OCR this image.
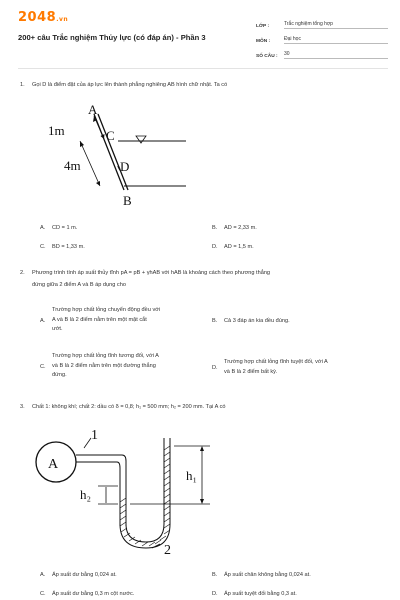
2048.vn
200+ câu Trắc nghiệm Thủy lực (có đáp án) - Phần 3
LỚP :	Trắc nghiệm tổng hợp
MÔN :	Đại học
SỐ CÂU :	30
1. Gọi D là điểm đặt của áp lực lên thành phẳng nghiêng AB hình chữ nhật. Ta có
A
1m	C
4m	D
B
A. CD = 1 m.	B. AD = 2,33 m.
C. BD = 1,33 m.	D. AD = 1,5 m.
2. Phương trình tính áp suất thủy tĩnh pA = pB + γhAB với hAB là khoảng cách theo phương thẳng
đứng giữa 2 điểm A và B áp dụng cho
A.
Trường hợp chất lỏng chuyển động đều với
A và B là 2 điểm nằm trên một mặt cắt
ướt.
B. Cả 3 đáp án kia đều đúng.
C.
Trường hợp chất lỏng tĩnh tương đối, với A
và B là 2 điểm nằm trên một đường thẳng
đứng.
D.
Trường hợp chất lỏng tĩnh tuyệt đối, với A
và B là 2 điểm bất kỳ.
3. Chất 1: không khí; chất 2: dầu có δ = 0,8; h₁ = 500 mm; h₂ = 200 mm. Tại A có
A
1
h₁
h₂
2
A. Áp suất dư bằng 0,024 at.	B. Áp suất chân không bằng 0,024 at.
C. Áp suất dư bằng 0,3 m cột nước.	D. Áp suất tuyệt đối bằng 0,3 at.
